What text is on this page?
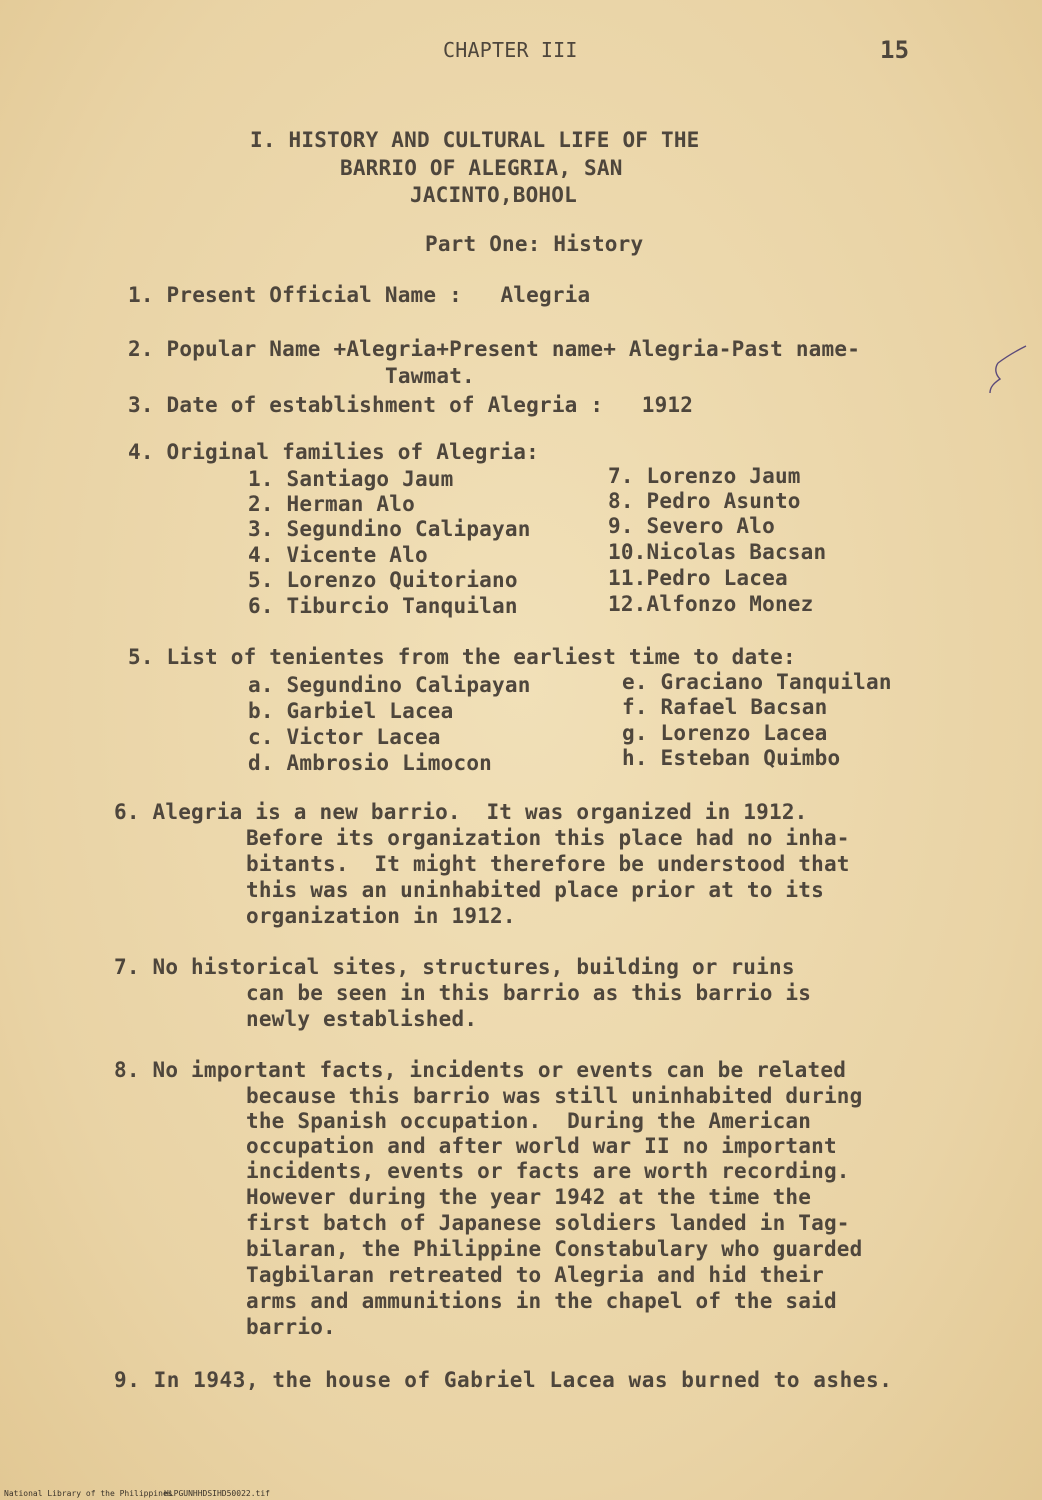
CHAPTER III	15
I. HISTORY AND CULTURAL LIFE OF THE
BARRIO OF ALEGRIA, SAN
JACINTO,BOHOL
Part One: History
1. Present Official Name :   Alegria
2. Popular Name +Alegria+Present name+ Alegria-Past name-
Tawmat.
3. Date of establishment of Alegria :   1912
4. Original families of Alegria:
1. Santiago Jaum
2. Herman Alo
3. Segundino Calipayan
4. Vicente Alo
5. Lorenzo Quitoriano
6. Tiburcio Tanquilan
7. Lorenzo Jaum
8. Pedro Asunto
9. Severo Alo
10.Nicolas Bacsan
11.Pedro Lacea
12.Alfonzo Monez
5. List of tenientes from the earliest time to date:
a. Segundino Calipayan
b. Garbiel Lacea
c. Victor Lacea
d. Ambrosio Limocon
e. Graciano Tanquilan
f. Rafael Bacsan
g. Lorenzo Lacea
h. Esteban Quimbo
6. Alegria is a new barrio.  It was organized in 1912.
Before its organization this place had no inha-
bitants.  It might therefore be understood that
this was an uninhabited place prior at to its
organization in 1912.
7. No historical sites, structures, building or ruins
can be seen in this barrio as this barrio is
newly established.
8. No important facts, incidents or events can be related
because this barrio was still uninhabited during
the Spanish occupation.  During the American
occupation and after world war II no important
incidents, events or facts are worth recording.
However during the year 1942 at the time the
first batch of Japanese soldiers landed in Tag-
bilaran, the Philippine Constabulary who guarded
Tagbilaran retreated to Alegria and hid their
arms and ammunitions in the chapel of the said
barrio.
9. In 1943, the house of Gabriel Lacea was burned to ashes.
National Library of the Philippines
HLPGUNHHDSIHD50022.tif
